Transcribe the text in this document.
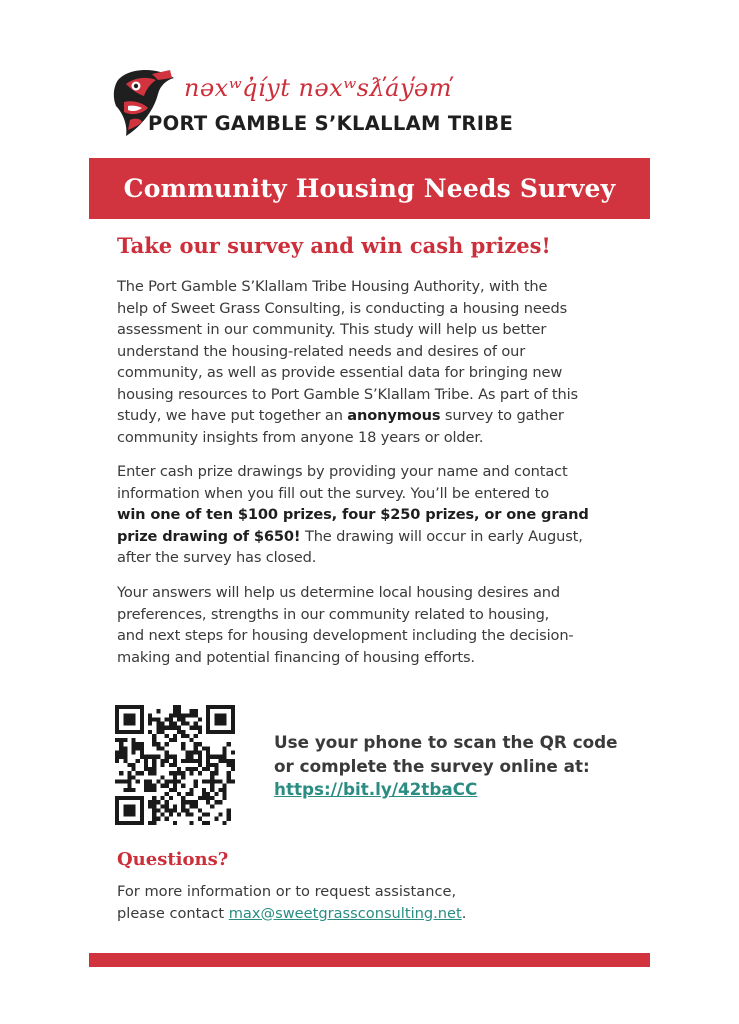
nəxʷq̓íyt nəxʷsƛ̕áy̕əm̕
PORT GAMBLE S’KLALLAM TRIBE
Community Housing Needs Survey
Take our survey and win cash prizes!

The Port Gamble S’Klallam Tribe Housing Authority, with the
help of Sweet Grass Consulting, is conducting a housing needs
assessment in our community. This study will help us better
understand the housing-related needs and desires of our
community, as well as provide essential data for bringing new
housing resources to Port Gamble S’Klallam Tribe. As part of this
study, we have put together an anonymous survey to gather
community insights from anyone 18 years or older.

Enter cash prize drawings by providing your name and contact
information when you fill out the survey. You’ll be entered to
win one of ten $100 prizes, four $250 prizes, or one grand
prize drawing of $650! The drawing will occur in early August,
after the survey has closed.

Your answers will help us determine local housing desires and
preferences, strengths in our community related to housing,
and next steps for housing development including the decision-
making and potential financing of housing efforts.

Use your phone to scan the QR code
or complete the survey online at:
https://bit.ly/42tbaCC
Questions?
For more information or to request assistance,
please contact max@sweetgrassconsulting.net.
